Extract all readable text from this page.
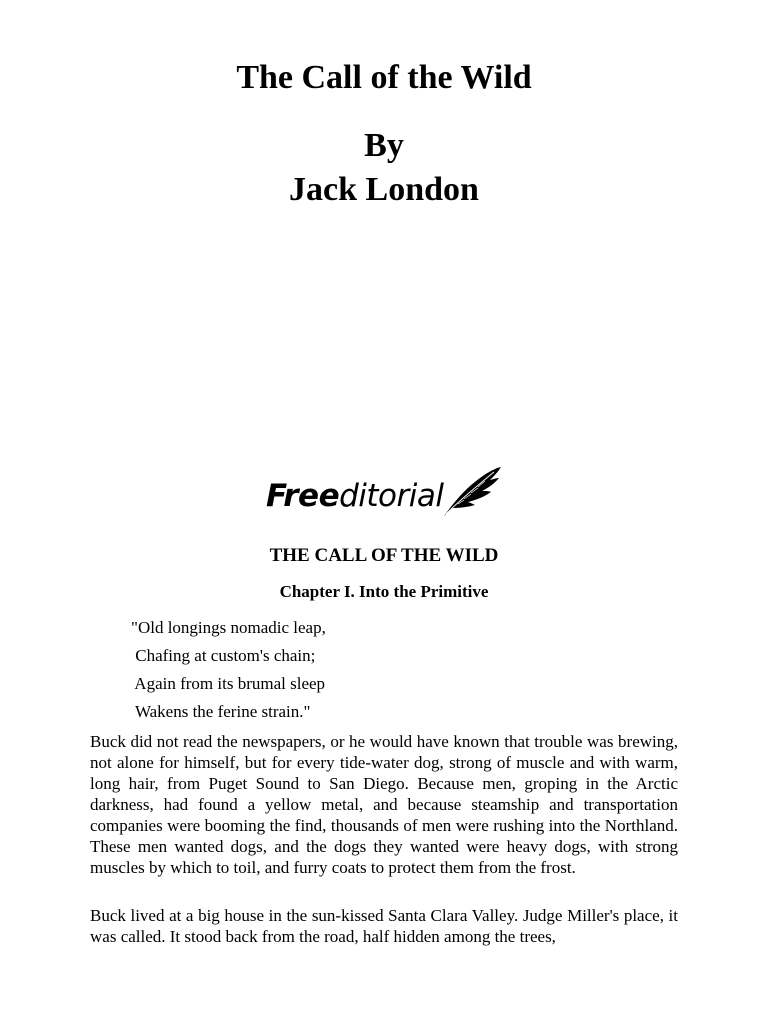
The Call of the Wild
By
Jack London
Freeditorial
THE CALL OF THE WILD
Chapter I. Into the Primitive
"Old longings nomadic leap,
Chafing at custom's chain;
Again from its brumal sleep
Wakens the ferine strain."

Buck did not read the newspapers, or he would have known that trouble was brewing, not alone for himself, but for every tide-water dog, strong of muscle and with warm, long hair, from Puget Sound to San Diego. Because men, groping in the Arctic darkness, had found a yellow metal, and because steamship and transportation companies were booming the find, thousands of men were rushing into the Northland. These men wanted dogs, and the dogs they wanted were heavy dogs, with strong muscles by which to toil, and furry coats to protect them from the frost.

Buck lived at a big house in the sun-kissed Santa Clara Valley. Judge Miller's place, it was called. It stood back from the road, half hidden among the trees,
